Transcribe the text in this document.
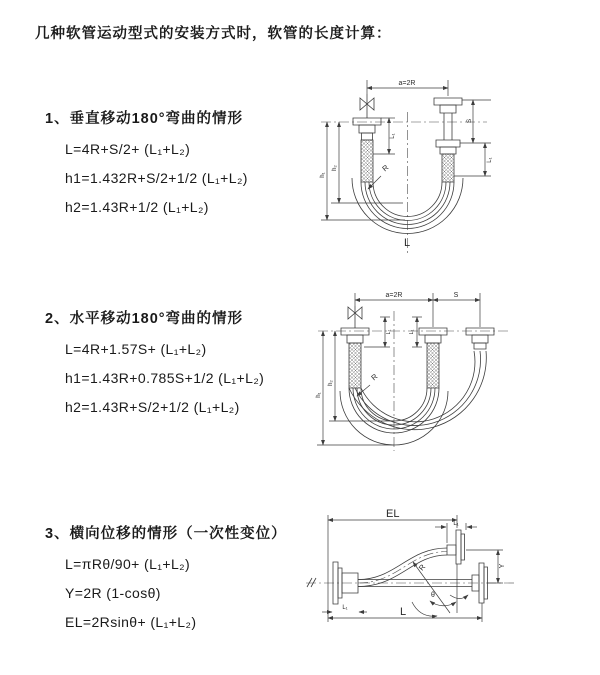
几种软管运动型式的安装方式时，软管的长度计算：
1、垂直移动180°弯曲的情形
L=4R+S/2+ (L₁+L₂)
h1=1.432R+S/2+1/2 (L₁+L₂)
h2=1.43R+1/2 (L₁+L₂)
2、水平移动180°弯曲的情形
L=4R+1.57S+ (L₁+L₂)
h1=1.43R+0.785S+1/2 (L₁+L₂)
h2=1.43R+S/2+1/2 (L₁+L₂)
3、横向位移的情形（一次性变位）
L=πRθ/90+ (L₁+L₂)
Y=2R (1-cosθ)
EL=2Rsinθ+ (L₁+L₂)
a=2R
L₁
S
L₁
h₁
h₂	R
L
a=2R	S
L₁	L₁
h₁
h₂
R
EL
L₁
Y
R
θ
L₁	L
